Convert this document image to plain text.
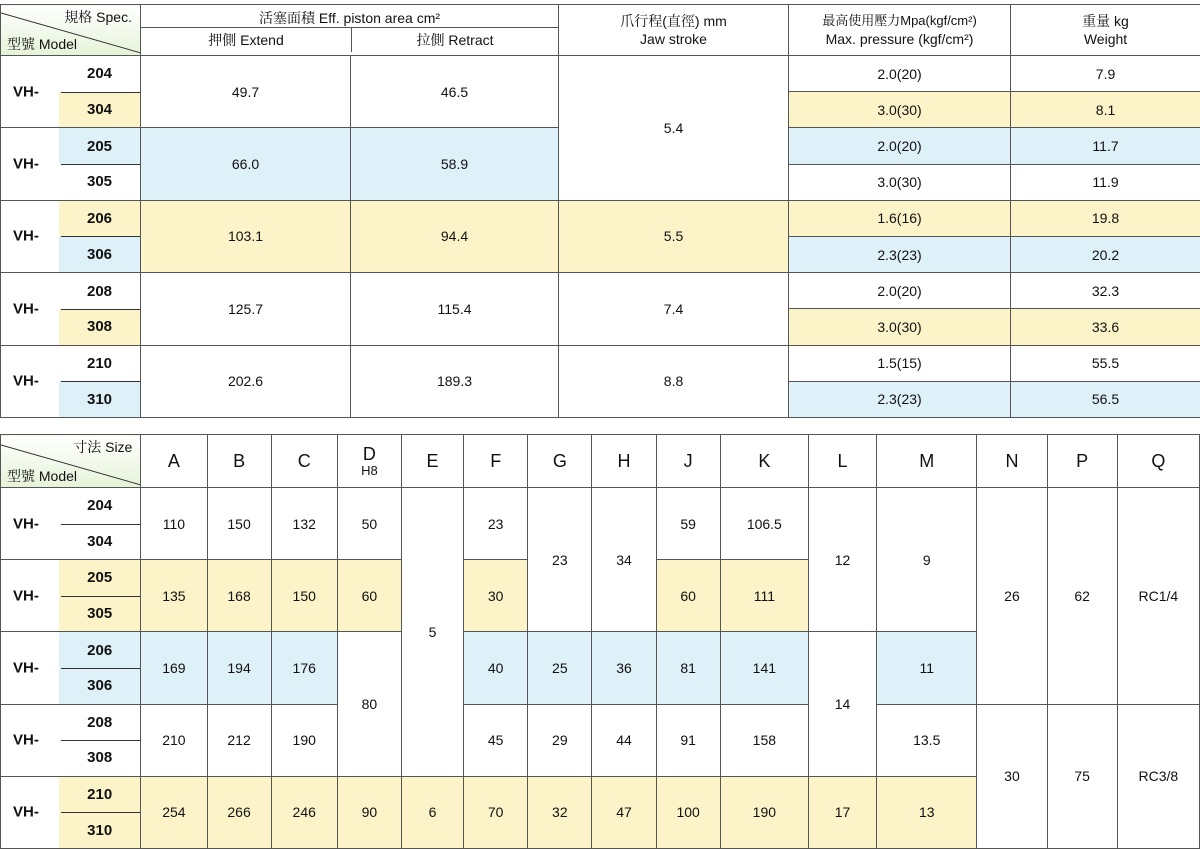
規格 Spec.
型號 Model	活塞面積 Eff. piston area cm²
押側 Extend 拉側 Retract		爪行程(直徑) mm
Jaw stroke	最高使用壓力Mpa(kgf/cm²)
Max. pressure (kgf/cm²)	重量 kg
Weight

204
304
VH-	49.7	46.5	5.4	2.0(20)	7.9
				3.0(30)	8.1

205
305
VH-	66.0	58.9		2.0(20)	11.7
				3.0(30)	11.9

206
306
VH-	103.1	94.4	5.5	1.6(16)	19.8
				2.3(23)	20.2

208
308
VH-	125.7	115.4	7.4	2.0(20)	32.3
				3.0(30)	33.6

210
310
VH-	202.6	189.3	8.8	1.5(15)	55.5
				2.3(23)	56.5
寸法 Size
型號 Model	A	B	C	D
H8	E	F	G	H	J	K	L	M	N	P	Q

204
304
VH-	110	150	132	50	5	23	23	34	59	106.5	12	9	26	62	RC1/4

205
305
VH-	135	168	150	60		30			60	111					

206
306
VH-	169	194	176	80		40	25	36	81	141	14	11			

208
308
VH-	210	212	190			45	29	44	91	158		13.5	30	75	RC3/8

210
310
VH-	254	266	246	90	6	70	32	47	100	190	17	13			
